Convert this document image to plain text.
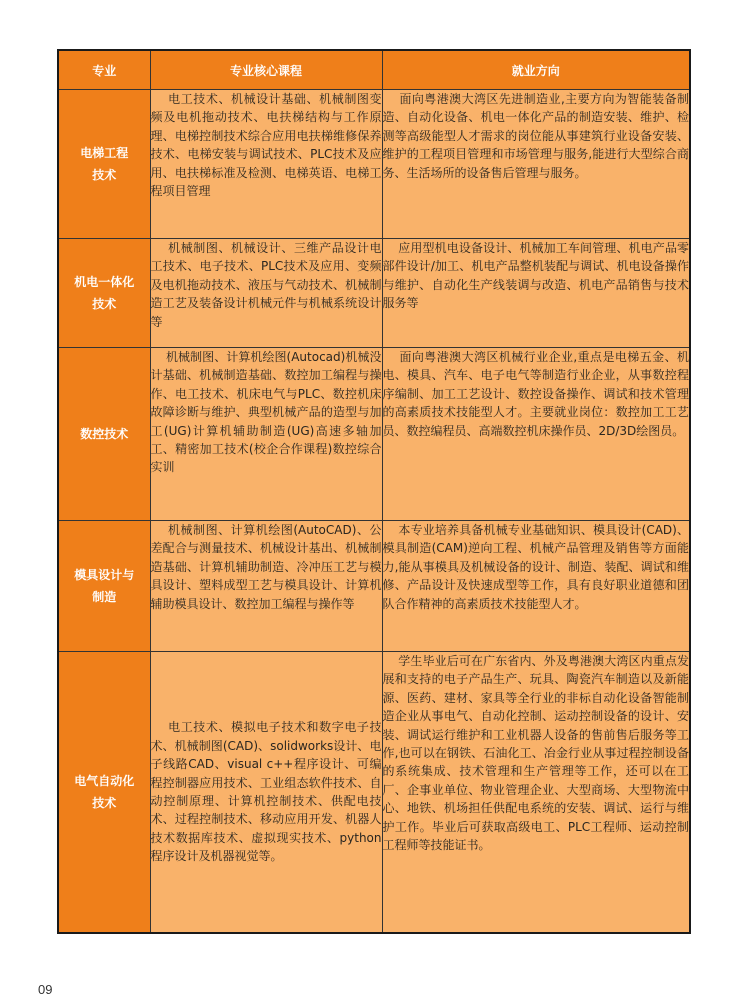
专业	专业核心课程	就业方向
电梯工程
技术	电工技术、机械设计基础、机械制图变频及电机拖动技术、电扶梯结构与工作原理、电梯控制技术综合应用电扶梯维修保养技术、电梯安装与调试技术、PLC技术及应用、电扶梯标准及检测、电梯英语、电梯工程项目管理	面向粤港澳大湾区先进制造业,主要方向为智能装备制造、自动化设备、机电一体化产品的制造安装、维护、检测等高级能型人才需求的岗位能从事建筑行业设备安装、维护的工程项目管理和市场管理与服务,能进行大型综合商务、生活场所的设备售后管理与服务。
机电一体化
技术	机械制图、机械设计、三维产品设计电工技术、电子技术、PLC技术及应用、变频及电机拖动技术、液压与气动技术、机械制造工艺及装备设计机械元件与机械系统设计等	应用型机电设备设计、机械加工车间管理、机电产品零部件设计/加工、机电产品整机装配与调试、机电设备操作与维护、自动化生产线装调与改造、机电产品销售与技术服务等
数控技术	机械制图、计算机绘图(Autocad)机械没计基础、机械制造基础、数控加工编程与操作、电工技术、机床电气与PLC、数控机床故障诊断与维护、典型机械产品的造型与加工(UG)计算机辅助制造(UG)高速多轴加工、精密加工技术(校企合作课程)数控综合实训	面向粤港澳大湾区机械行业企业,重点是电梯五金、机电、模具、汽车、电子电气等制造行业企业，从事数控程序编制、加工工艺设计、数控设备操作、调试和技术管理的高素质技术技能型人才。主要就业岗位：数控加工工艺员、数控编程员、高端数控机床操作员、2D/3D绘图员。
模具设计与
制造	机械制图、计算机绘图(AutoCAD)、公差配合与测量技术、机械设计基出、机械制造基础、计算机辅助制造、冷冲压工艺与模具设计、塑料成型工艺与模具设计、计算机辅助模具设计、数控加工编程与操作等	本专业培养具备机械专业基础知识、模具设计(CAD)、模具制造(CAM)逆向工程、机械产品管理及销售等方面能力,能从事模具及机械设备的设计、制造、装配、调试和维修、产品设计及快速成型等工作，具有良好职业道德和团队合作精神的高素质技术技能型人才。
电气自动化
技术	电工技术、模拟电子技术和数字电子技术、机械制图(CAD)、solidworks设计、电子线路CAD、visual c++程序设计、可编程控制器应用技术、工业组态软件技术、自动控制原理、计算机控制技术、供配电技术、过程控制技术、移动应用开发、机器人技术数据库技术、虚拟现实技术、python程序设计及机器视觉等。	学生毕业后可在广东省内、外及粤港澳大湾区内重点发展和支持的电子产品生产、玩具、陶瓷汽车制造以及新能源、医药、建材、家具等全行业的非标自动化设备智能制造企业从事电气、自动化控制、运动控制设备的设计、安装、调试运行维护和工业机器人设备的售前售后服务等工作,也可以在钢铁、石油化工、冶金行业从事过程控制设备的系统集成、技术管理和生产管理等工作，还可以在工厂、企事业单位、物业管理企业、大型商场、大型物流中心、地铁、机场担任供配电系统的安装、调试、运行与维护工作。毕业后可获取高级电工、PLC工程师、运动控制工程师等技能证书。
09
